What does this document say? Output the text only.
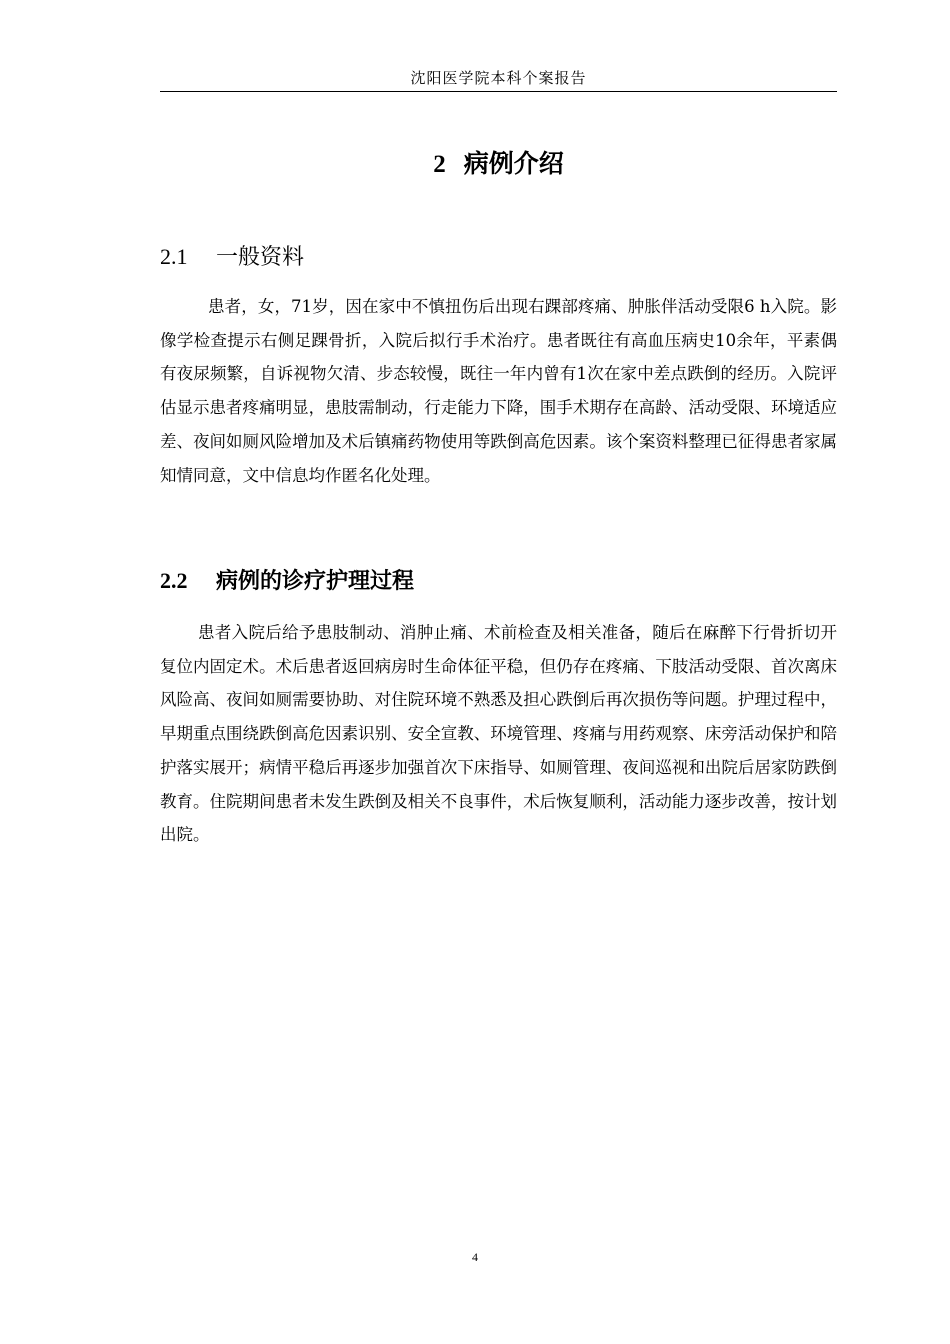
沈阳医学院本科个案报告
2 病例介绍
2.1 一般资料

患者，女，71岁，因在家中不慎扭伤后出现右踝部疼痛、肿胀伴活动受限6 h入院。影像学检查提示右侧足踝骨折，入院后拟行手术治疗。患者既往有高血压病史10余年，平素偶有夜尿频繁，自诉视物欠清、步态较慢，既往一年内曾有1次在家中差点跌倒的经历。入院评估显示患者疼痛明显，患肢需制动，行走能力下降，围手术期存在高龄、活动受限、环境适应差、夜间如厕风险增加及术后镇痛药物使用等跌倒高危因素。该个案资料整理已征得患者家属知情同意，文中信息均作匿名化处理。

2.2 病例的诊疗护理过程

患者入院后给予患肢制动、消肿止痛、术前检查及相关准备，随后在麻醉下行骨折切开复位内固定术。术后患者返回病房时生命体征平稳，但仍存在疼痛、下肢活动受限、首次离床风险高、夜间如厕需要协助、对住院环境不熟悉及担心跌倒后再次损伤等问题。护理过程中，早期重点围绕跌倒高危因素识别、安全宣教、环境管理、疼痛与用药观察、床旁活动保护和陪护落实展开；病情平稳后再逐步加强首次下床指导、如厕管理、夜间巡视和出院后居家防跌倒教育。住院期间患者未发生跌倒及相关不良事件，术后恢复顺利，活动能力逐步改善，按计划出院。

4
